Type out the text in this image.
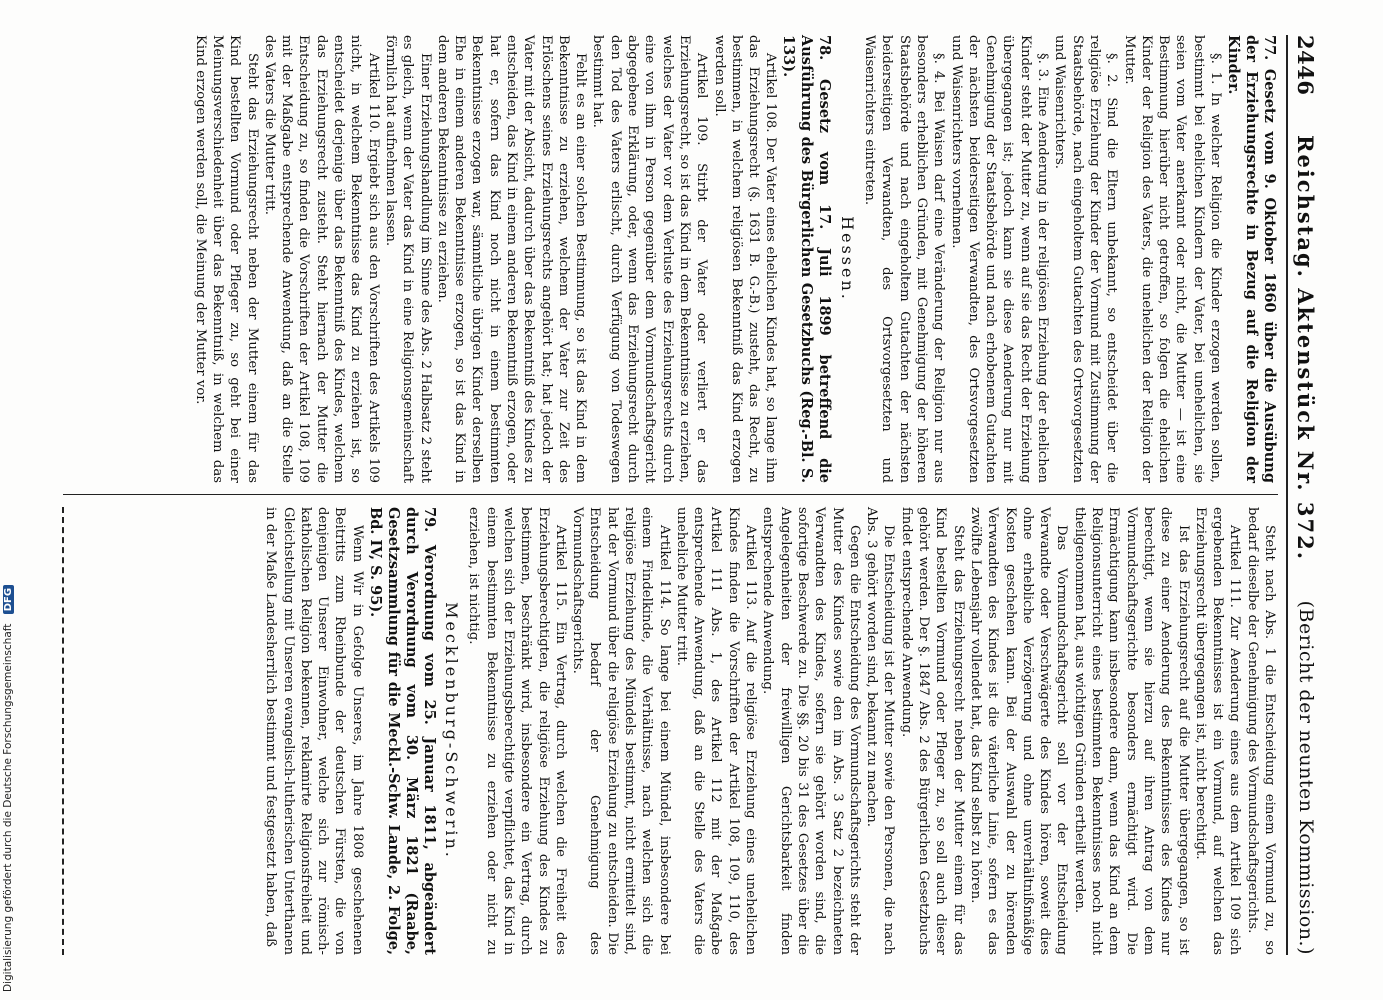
2446
Reichstag. Aktenstück Nr. 372.
(Bericht der neunten Kommission.)

77. Gesetz vom 9. Oktober 1860 über die Ausübung der Erziehungsrechte in Bezug auf die Religion der Kinder.

§. 1. In welcher Religion die Kinder erzogen werden sollen, bestimmt bei ehelichen Kindern der Vater, bei unehelichen, sie seien vom Vater anerkannt oder nicht, die Mutter — ist eine Bestimmung hierüber nicht getroffen, so folgen die ehelichen Kinder der Religion des Vaters, die unehelichen der Religion der Mutter.

§. 2. Sind die Eltern unbekannt, so entscheidet über die religiöse Erziehung der Kinder der Vormund mit Zustimmung der Staatsbehörde, nach eingeholtem Gutachten des Ortsvorgesetzten und Waisenrichters.

§. 3. Eine Aenderung in der religiösen Erziehung der ehelichen Kinder steht der Mutter zu, wenn auf sie das Recht der Erziehung übergegangen ist; jedoch kann sie diese Aenderung nur mit Genehmigung der Staatsbehörde und nach erhobenem Gutachten der nächsten beiderseitigen Verwandten, des Ortsvorgesetzten und Waisenrichters vornehmen.

§. 4. Bei Waisen darf eine Veränderung der Religion nur aus besonders erheblichen Gründen, mit Genehmigung der höheren Staatsbehörde und nach eingeholtem Gutachten der nächsten beiderseitigen Verwandten, des Ortsvorgesetzten und Waisenrichters eintreten.

Hessen.

78. Gesetz vom 17. Juli 1899 betreffend die Ausführung des Bürgerlichen Gesetzbuchs (Reg.-Bl. S. 133).

Artikel 108. Der Vater eines ehelichen Kindes hat, so lange ihm das Erziehungsrecht (§. 1631 B. G.-B.) zusteht, das Recht, zu bestimmen, in welchem religiösen Bekenntniß das Kind erzogen werden soll.

Artikel 109. Stirbt der Vater oder verliert er das Erziehungsrecht, so ist das Kind in dem Bekenntnisse zu erziehen, welches der Vater vor dem Verluste des Erziehungsrechts durch eine von ihm in Person gegenüber dem Vormundschaftsgericht abgegebene Erklärung, oder, wenn das Erziehungsrecht durch den Tod des Vaters erlischt, durch Verfügung von Todeswegen bestimmt hat.

Fehlt es an einer solchen Bestimmung, so ist das Kind in dem Bekenntnisse zu erziehen, welchem der Vater zur Zeit des Erlöschens seines Erziehungsrechts angehört hat; hat jedoch der Vater mit der Absicht, dadurch über das Bekenntniß des Kindes zu entscheiden, das Kind in einem anderen Bekenntniß erzogen, oder hat er, sofern das Kind noch nicht in einem bestimmten Bekenntnisse erzogen war, sämmtliche übrigen Kinder derselben Ehe in einem anderen Bekenntnisse erzogen, so ist das Kind in dem anderen Bekenntnisse zu erziehen.

Einer Erziehungshandlung im Sinne des Abs. 2 Halbsatz 2 steht es gleich, wenn der Vater das Kind in eine Religionsgemeinschaft förmlich hat aufnehmen lassen.

Artikel 110. Ergiebt sich aus den Vorschriften des Artikels 109 nicht, in welchem Bekenntnisse das Kind zu erziehen ist, so entscheidet derjenige über das Bekenntniß des Kindes, welchem das Erziehungsrecht zusteht. Steht hiernach der Mutter die Entscheidung zu, so finden die Vorschriften der Artikel 108, 109 mit der Maßgabe entsprechende Anwendung, daß an die Stelle des Vaters die Mutter tritt.

Steht das Erziehungsrecht neben der Mutter einem für das Kind bestellten Vormund oder Pfleger zu, so geht bei einer Meinungsverschiedenheit über das Bekenntniß, in welchem das Kind erzogen werden soll, die Meinung der Mutter vor.

Steht nach Abs. 1 die Entscheidung einem Vormund zu, so bedarf dieselbe der Genehmigung des Vormundschaftsgerichts.

Artikel 111. Zur Aenderung eines aus dem Artikel 109 sich ergebenden Bekenntnisses ist ein Vormund, auf welchen das Erziehungsrecht übergegangen ist, nicht berechtigt.

Ist das Erziehungsrecht auf die Mutter übergegangen, so ist diese zu einer Aenderung des Bekenntnisses des Kindes nur berechtigt, wenn sie hierzu auf ihren Antrag von dem Vormundschaftsgerichte besonders ermächtigt wird. Die Ermächtigung kann insbesondere dann, wenn das Kind an dem Religionsunterricht eines bestimmten Bekenntnisses noch nicht theilgenommen hat, aus wichtigen Gründen ertheilt werden.

Das Vormundschaftsgericht soll vor der Entscheidung Verwandte oder Verschwägerte des Kindes hören, soweit dies ohne erhebliche Verzögerung und ohne unverhältnißmäßige Kosten geschehen kann. Bei der Auswahl der zu hörenden Verwandten des Kindes ist die väterliche Linie, sofern es das zwölfte Lebensjahr vollendet hat, das Kind selbst zu hören.

Steht das Erziehungsrecht neben der Mutter einem für das Kind bestellten Vormund oder Pfleger zu, so soll auch dieser gehört werden. Der §. 1847 Abs. 2 des Bürgerlichen Gesetzbuchs findet entsprechende Anwendung.

Die Entscheidung ist der Mutter sowie den Personen, die nach Abs. 3 gehört worden sind, bekannt zu machen.

Gegen die Entscheidung des Vormundschaftsgerichts steht der Mutter des Kindes sowie den im Abs. 3 Satz 2 bezeichneten Verwandten des Kindes, sofern sie gehört worden sind, die sofortige Beschwerde zu. Die §§. 20 bis 31 des Gesetzes über die Angelegenheiten der freiwilligen Gerichtsbarkeit finden entsprechende Anwendung.

Artikel 113. Auf die religiöse Erziehung eines unehelichen Kindes finden die Vorschriften der Artikel 108, 109, 110, des Artikel 111 Abs. 1, des Artikel 112 mit der Maßgabe entsprechende Anwendung, daß an die Stelle des Vaters die uneheliche Mutter tritt.

Artikel 114. So lange bei einem Mündel, insbesondere bei einem Findelkinde, die Verhältnisse, nach welchen sich die religiöse Erziehung des Mündels bestimmt, nicht ermittelt sind, hat der Vormund über die religiöse Erziehung zu entscheiden. Die Entscheidung bedarf der Genehmigung des Vormundschaftsgerichts.

Artikel 115. Ein Vertrag, durch welchen die Freiheit des Erziehungsberechtigten, die religiöse Erziehung des Kindes zu bestimmen, beschränkt wird, insbesondere ein Vertrag, durch welchen sich der Erziehungsberechtigte verpflichtet, das Kind in einem bestimmten Bekenntnisse zu erziehen oder nicht zu erziehen, ist nichtig.

Mecklenburg-Schwerin.

79. Verordnung vom 25. Januar 1811, abgeändert durch Verordnung vom 30. März 1821 (Raabe, Gesetzsammlung für die Meckl.-Schw. Lande, 2. Folge, Bd. IV, S. 95).

Wenn Wir in Gefolge Unseres, im Jahre 1808 geschehenen Beitritts zum Rheinbunde der deutschen Fürsten, die von denjenigen Unserer Einwohner, welche sich zur römisch-katholischen Religion bekennen, reklamirte Religionsfreiheit und Gleichstellung mit Unseren evangelisch-lutherischen Unterthanen in der Maße Landesherrlich bestimmt und festgesetzt haben, daß

Digitalisierung gefördert durch die Deutsche Forschungsgemeinschaft DFG
